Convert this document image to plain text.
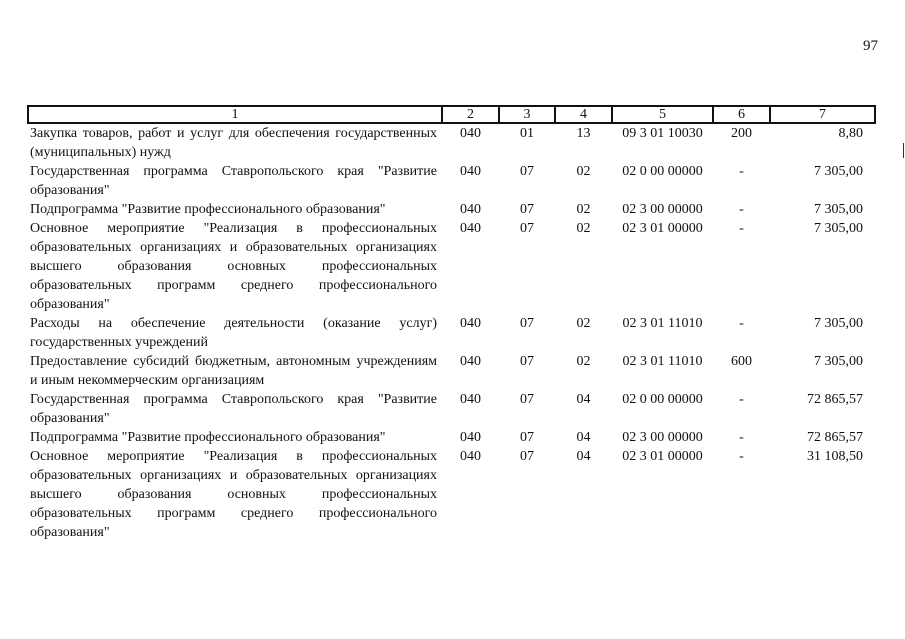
97
1	2	3	4	5	6	7
Закупка товаров, работ и услуг для обеспечения государственных (муниципальных) нужд	040	01	13	09 3 01 10030	200	8,80
Государственная программа Ставропольского края "Развитие образования"	040	07	02	02 0 00 00000	-	7 305,00
Подпрограмма "Развитие профессионального образования"	040	07	02	02 3 00 00000	-	7 305,00
Основное мероприятие "Реализация в профессиональных образовательных организациях и образовательных организациях высшего образования основных профессиональных образовательных программ среднего профессионального образования"	040	07	02	02 3 01 00000	-	7 305,00
Расходы на обеспечение деятельности (оказание услуг) государственных учреждений	040	07	02	02 3 01 11010	-	7 305,00
Предоставление субсидий бюджетным, автономным учреждениям и иным некоммерческим организациям	040	07	02	02 3 01 11010	600	7 305,00
Государственная программа Ставропольского края "Развитие образования"	040	07	04	02 0 00 00000	-	72 865,57
Подпрограмма "Развитие профессионального образования"	040	07	04	02 3 00 00000	-	72 865,57
Основное мероприятие "Реализация в профессиональных образовательных организациях и образовательных организациях высшего образования основных профессиональных образовательных программ среднего профессионального образования"	040	07	04	02 3 01 00000	-	31 108,50
